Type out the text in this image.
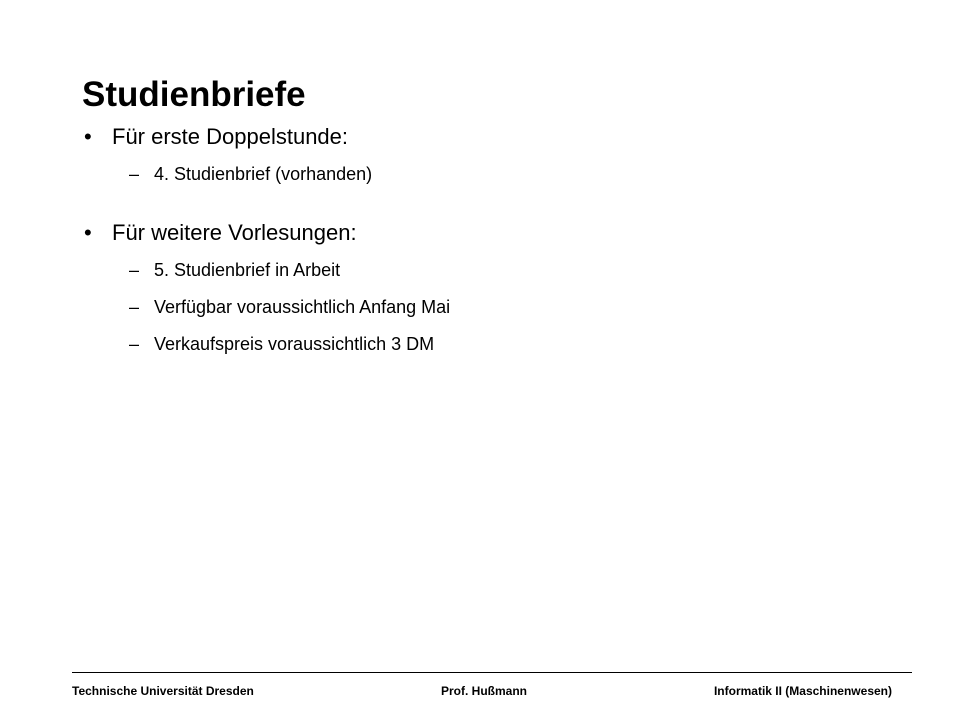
Studienbriefe
• Für erste Doppelstunde:
– 4. Studienbrief (vorhanden)
• Für weitere Vorlesungen:
– 5. Studienbrief in Arbeit
– Verfügbar voraussichtlich Anfang Mai
– Verkaufspreis voraussichtlich 3 DM
Technische Universität Dresden	Prof. Hußmann	Informatik II (Maschinenwesen)
